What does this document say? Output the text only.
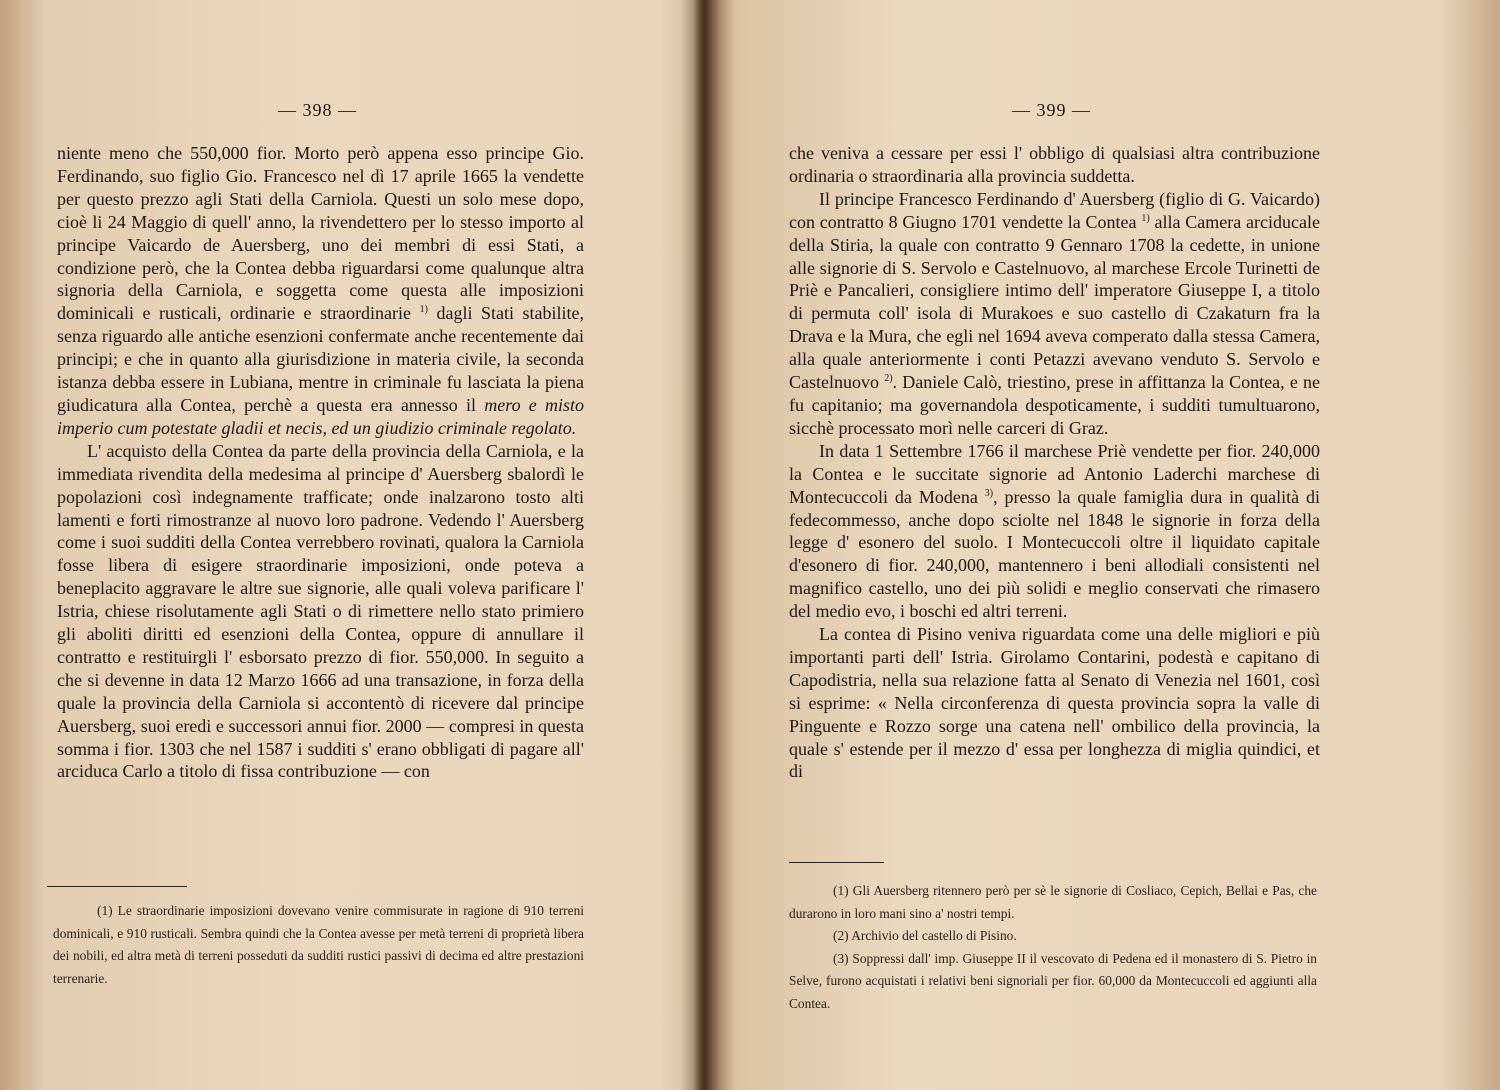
— 398 —

niente meno che 550,000 fior. Morto però appena esso principe Gio. Ferdinando, suo figlio Gio. Francesco nel dì 17 aprile 1665 la vendette per questo prezzo agli Stati della Carniola. Questi un solo mese dopo, cioè li 24 Maggio di quell' anno, la rivendettero per lo stesso importo al principe Vaicardo de Auersberg, uno dei membri di essi Stati, a condizione però, che la Contea debba riguardarsi come qualunque altra signoria della Carniola, e soggetta come questa alle imposizioni dominicali e rusticali, ordinarie e straordinarie $^{1)}$ dagli Stati stabilite, senza riguardo alle antiche esenzioni confermate anche recentemente dai principi; e che in quanto alla giurisdizione in materia civile, la seconda istanza debba essere in Lubiana, mentre in criminale fu lasciata la piena giudicatura alla Contea, perchè a questa era annesso il mero e misto imperio cum potestate gladii et necis, ed un giudizio criminale regolato.

L' acquisto della Contea da parte della provincia della Carniola, e la immediata rivendita della medesima al principe d' Auersberg sbalordì le popolazioni così indegnamente trafficate; onde inalzarono tosto alti lamenti e forti rimostranze al nuovo loro padrone. Vedendo l' Auersberg come i suoi sudditi della Contea verrebbero rovinati, qualora la Carniola fosse libera di esigere straordinarie imposizioni, onde poteva a beneplacito aggravare le altre sue signorie, alle quali voleva parificare l' Istria, chiese risolutamente agli Stati o di rimettere nello stato primiero gli aboliti diritti ed esenzioni della Contea, oppure di annullare il contratto e restituirgli l' esborsato prezzo di fior. 550,000. In seguito a che si devenne in data 12 Marzo 1666 ad una transazione, in forza della quale la provincia della Carniola si accontentò di ricevere dal principe Auersberg, suoi eredi e successori annui fior. 2000 — compresi in questa somma i fior. 1303 che nel 1587 i sudditi s' erano obbligati di pagare all' arciduca Carlo a titolo di fissa contribuzione — con

(1) Le straordinarie imposizioni dovevano venire commisurate in ragione di 910 terreni dominicali, e 910 rusticali. Sembra quindi che la Contea avesse per metà terreni di proprietà libera dei nobili, ed altra metà di terreni posseduti da sudditi rustici passivi di decima ed altre prestazioni terrenarie.

— 399 —

che veniva a cessare per essi l' obbligo di qualsiasi altra contribuzione ordinaria o straordinaria alla provincia suddetta.

Il principe Francesco Ferdinando d' Auersberg (figlio di G. Vaicardo) con contratto 8 Giugno 1701 vendette la Contea $^{1)}$ alla Camera arciducale della Stiria, la quale con contratto 9 Gennaro 1708 la cedette, in unione alle signorie di S. Servolo e Castelnuovo, al marchese Ercole Turinetti de Priè e Pancalieri, consigliere intimo dell' imperatore Giuseppe I, a titolo di permuta coll' isola di Murakoes e suo castello di Czakaturn fra la Drava e la Mura, che egli nel 1694 aveva comperato dalla stessa Camera, alla quale anteriormente i conti Petazzi avevano venduto S. Servolo e Castelnuovo $^{2)}$. Daniele Calò, triestino, prese in affittanza la Contea, e ne fu capitanio; ma governandola despoticamente, i sudditi tumultuarono, sicchè processato morì nelle carceri di Graz.

In data 1 Settembre 1766 il marchese Priè vendette per fior. 240,000 la Contea e le succitate signorie ad Antonio Laderchi marchese di Montecuccoli da Modena $^{3)}$, presso la quale famiglia dura in qualità di fedecommesso, anche dopo sciolte nel 1848 le signorie in forza della legge d' esonero del suolo. I Montecuccoli oltre il liquidato capitale d'esonero di fior. 240,000, mantennero i beni allodiali consistenti nel magnifico castello, uno dei più solidi e meglio conservati che rimasero del medio evo, i boschi ed altri terreni.

La contea di Pisino veniva riguardata come una delle migliori e più importanti parti dell' Istria. Girolamo Contarini, podestà e capitano di Capodistria, nella sua relazione fatta al Senato di Venezia nel 1601, così si esprime: « Nella circonferenza di questa provincia sopra la valle di Pinguente e Rozzo sorge una catena nell' ombilico della provincia, la quale s' estende per il mezzo d' essa per longhezza di miglia quindici, et di

(1) Gli Auersberg ritennero però per sè le signorie di Cosliaco, Cepich, Bellai e Pas, che durarono in loro mani sino a' nostri tempi.

(2) Archivio del castello di Pisino.

(3) Soppressi dall' imp. Giuseppe II il vescovato di Pedena ed il monastero di S. Pietro in Selve, furono acquistati i relativi beni signoriali per fior. 60,000 da Montecuccoli ed aggiunti alla Contea.
